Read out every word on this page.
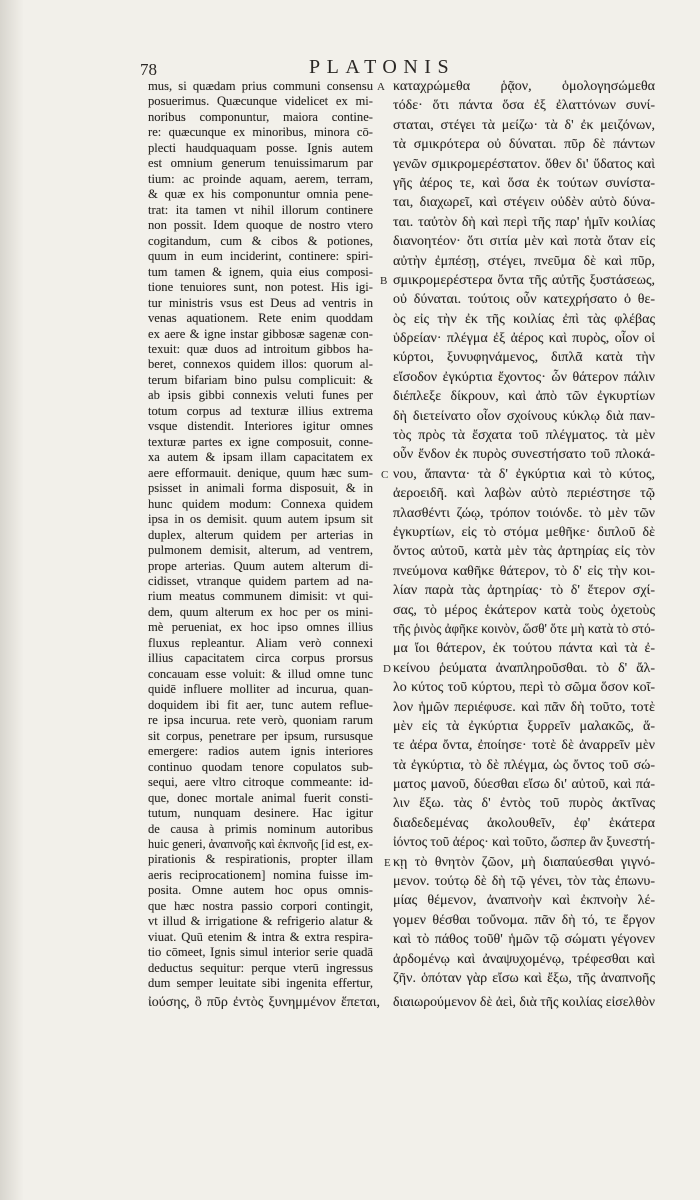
78	PLATONIS
mus, si quædam prius communi consensu
posuerimus. Quæcunque videlicet ex mi-
noribus componuntur, maiora contine-
re: quæcunque ex minoribus, minora cō-
plecti haudquaquam posse. Ignis autem
est omnium generum tenuissimarum par
tium: ac proinde aquam, aerem, terram,
& quæ ex his componuntur omnia pene-
trat: ita tamen vt nihil illorum continere
non possit. Idem quoque de nostro vtero
cogitandum, cum & cibos & potiones,
quum in eum inciderint, continere: spiri-
tum tamen & ignem, quia eius composi-
tione tenuiores sunt, non potest. His igi-
tur ministris vsus est Deus ad ventris in
venas aquationem. Rete enim quoddam
ex aere & igne instar gibbosæ sagenæ con-
texuit: quæ duos ad introitum gibbos ha-
beret, connexos quidem illos: quorum al-
terum bifariam bino pulsu complicuit: &
ab ipsis gibbi connexis veluti funes per
totum corpus ad texturæ illius extrema
vsque distendit. Interiores igitur omnes
texturæ partes ex igne composuit, conne-
xa autem & ipsam illam capacitatem ex
aere efformauit. denique, quum hæc sum-
psisset in animali forma disposuit, & in
hunc quidem modum: Connexa quidem
ipsa in os demisit. quum autem ipsum sit
duplex, alterum quidem per arterias in
pulmonem demisit, alterum, ad ventrem,
prope arterias. Quum autem alterum di-
cidisset, vtranque quidem partem ad na-
rium meatus communem dimisit: vt qui-
dem, quum alterum ex hoc per os mini-
mè perueniat, ex hoc ipso omnes illius
fluxus repleantur. Aliam verò connexi
illius capacitatem circa corpus prorsus
concauam esse voluit: & illud omne tunc
quidē influere molliter ad incurua, quan-
doquidem ibi fit aer, tunc autem reflue-
re ipsa incurua. rete verò, quoniam rarum
sit corpus, penetrare per ipsum, rursusque
emergere: radios autem ignis interiores
continuo quodam tenore copulatos sub-
sequi, aere vltro citroque commeante: id-
que, donec mortale animal fuerit consti-
tutum, nunquam desinere. Hac igitur
de causa à primis nominum autoribus
huic generi, ἀναπνοῆς καὶ ἐκπνοῆς [id est, ex-
pirationis & respirationis, propter illam
aeris reciprocationem] nomina fuisse im-
posita. Omne autem hoc opus omnis-
que hæc nostra passio corpori contingit,
vt illud & irrigatione & refrigerio alatur &
viuat. Quū etenim & intra & extra respira-
tio cōmeet, Ignis simul interior serie quadā
deductus sequitur: perque vterū ingressus
dum semper leuitate sibi ingenita effertur,
καταχρώμεθα ῥᾷον, ὁμολογησώμεθα
τόδε· ὅτι πάντα ὅσα ἐξ ἐλαττόνων συνί-
σταται, στέγει τὰ μείζω· τὰ δ' ἐκ μειζόνων,
τὰ σμικρότερα οὐ δύναται. πῦρ δὲ πάντων
γενῶν σμικρομερέστατον. ὅθεν δι' ὕδατος καὶ
γῆς ἀέρος τε, καὶ ὅσα ἐκ τούτων συνίστα-
ται, διαχωρεῖ, καὶ στέγειν οὐδὲν αὐτὸ δύνα-
ται. ταὐτὸν δὴ καὶ περὶ τῆς παρ' ἡμῖν κοιλίας
διανοητέον· ὅτι σιτία μὲν καὶ ποτὰ ὅταν εἰς
αὐτὴν ἐμπέσῃ, στέγει, πνεῦμα δὲ καὶ πῦρ,
σμικρομερέστερα ὄντα τῆς αὐτῆς ξυστάσεως,
οὐ δύναται. τούτοις οὖν κατεχρήσατο ὁ θε-
ὸς εἰς τὴν ἐκ τῆς κοιλίας ἐπὶ τὰς φλέβας
ὑδρείαν· πλέγμα ἐξ ἀέρος καὶ πυρὸς, οἷον οἱ
κύρτοι, ξυνυφηνάμενος, διπλᾶ κατὰ τὴν
εἴσοδον ἐγκύρτια ἔχοντος· ὧν θάτερον πάλιν
διέπλεξε δίκρουν, καὶ ἀπὸ τῶν ἐγκυρτίων
δὴ διετείνατο οἷον σχοίνους κύκλῳ διὰ παν-
τὸς πρὸς τὰ ἔσχατα τοῦ πλέγματος. τὰ μὲν
οὖν ἔνδον ἐκ πυρὸς συνεστήσατο τοῦ πλοκά-
νου, ἅπαντα· τὰ δ' ἐγκύρτια καὶ τὸ κύτος,
ἀεροειδῆ. καὶ λαβὼν αὐτὸ περιέστησε τῷ
πλασθέντι ζώῳ, τρόπον τοιόνδε. τὸ μὲν τῶν
ἐγκυρτίων, εἰς τὸ στόμα μεθῆκε· διπλοῦ δὲ
ὄντος αὐτοῦ, κατὰ μὲν τὰς ἀρτηρίας εἰς τὸν
πνεύμονα καθῆκε θάτερον, τὸ δ' εἰς τὴν κοι-
λίαν παρὰ τὰς ἀρτηρίας· τὸ δ' ἕτερον σχί-
σας, τὸ μέρος ἑκάτερον κατὰ τοὺς ὀχετοὺς
τῆς ῥινὸς ἀφῆκε κοινὸν, ὥσθ' ὅτε μὴ κατὰ τὸ στό-
μα ἴοι θάτερον, ἐκ τούτου πάντα καὶ τὰ ἐ-
κείνου ῥεύματα ἀναπληροῦσθαι. τὸ δ' ἄλ-
λο κύτος τοῦ κύρτου, περὶ τὸ σῶμα ὅσον κοῖ-
λον ἡμῶν περιέφυσε. καὶ πᾶν δὴ τοῦτο, τοτὲ
μὲν εἰς τὰ ἐγκύρτια ξυρρεῖν μαλακῶς, ἅ-
τε ἀέρα ὄντα, ἐποίησε· τοτὲ δὲ ἀναρρεῖν μὲν
τὰ ἐγκύρτια, τὸ δὲ πλέγμα, ὡς ὄντος τοῦ σώ-
ματος μανοῦ, δύεσθαι εἴσω δι' αὐτοῦ, καὶ πά-
λιν ἔξω. τὰς δ' ἐντὸς τοῦ πυρὸς ἀκτῖνας
διαδεδεμένας ἀκολουθεῖν, ἐφ' ἑκάτερα
ἰόντος τοῦ ἀέρος· καὶ τοῦτο, ὥσπερ ἂν ξυνεστή-
κῃ τὸ θνητὸν ζῶον, μὴ διαπαύεσθαι γιγνό-
μενον. τούτῳ δὲ δὴ τῷ γένει, τὸν τὰς ἐπωνυ-
μίας θέμενον, ἀναπνοὴν καὶ ἐκπνοὴν λέ-
γομεν θέσθαι τοὔνομα. πᾶν δὴ τό, τε ἔργον
καὶ τὸ πάθος τοῦθ' ἡμῶν τῷ σώματι γέγονεν
ἀρδομένῳ καὶ ἀναψυχομένῳ, τρέφεσθαι καὶ
ζῆν. ὁπόταν γὰρ εἴσω καὶ ἔξω, τῆς ἀναπνοῆς
A
B
C
D
E
ἰούσης, ὃ πῦρ ἐντὸς ξυνημμένον ἕπεται, διαιωρούμενον δὲ ἀεὶ, διὰ τῆς κοιλίας εἰσελθὸν
